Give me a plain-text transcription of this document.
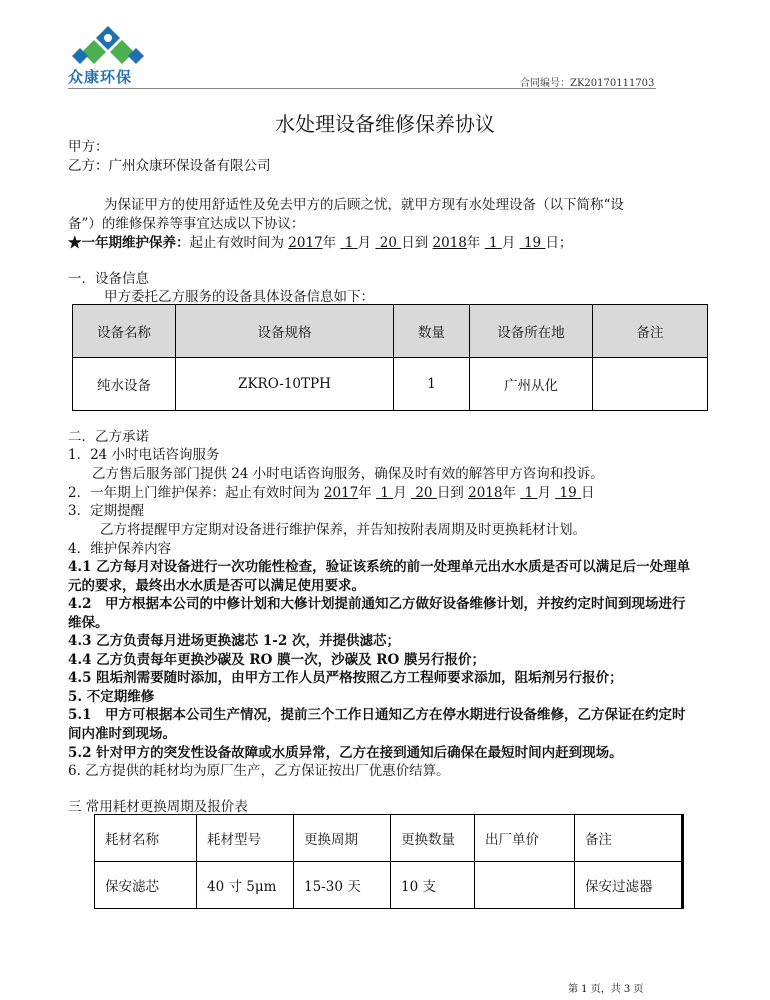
众康环保	合同编号：ZK20170111703
水处理设备维修保养协议
甲方：
乙方：广州众康环保设备有限公司
为保证甲方的使用舒适性及免去甲方的后顾之忧，就甲方现有水处理设备（以下简称“设
备”）的维修保养等事宜达成以下协议：
★一年期维护保养：起止有效时间为 2017年 1 月 20 日到 2018年 1 月 19 日；
一．设备信息
甲方委托乙方服务的设备具体设备信息如下：
设备名称	设备规格	数量	设备所在地	备注
纯水设备	ZKRO-10TPH	1	广州从化	
二．乙方承诺
1．24 小时电话咨询服务
乙方售后服务部门提供 24 小时电话咨询服务，确保及时有效的解答甲方咨询和投诉。
2．一年期上门维护保养：起止有效时间为 2017年 1 月 20 日到 2018年 1 月 19 日
3．定期提醒
乙方将提醒甲方定期对设备进行维护保养，并告知按附表周期及时更换耗材计划。
4．维护保养内容
4.1 乙方每月对设备进行一次功能性检查，验证该系统的前一处理单元出水水质是否可以满足后一处理单元的要求，最终出水水质是否可以满足使用要求。
4.2　甲方根据本公司的中修计划和大修计划提前通知乙方做好设备维修计划，并按约定时间到现场进行维保。
4.3 乙方负责每月进场更换滤芯 1-2 次，并提供滤芯；
4.4 乙方负责每年更换沙碳及 RO 膜一次，沙碳及 RO 膜另行报价；
4.5 阻垢剂需要随时添加，由甲方工作人员严格按照乙方工程师要求添加，阻垢剂另行报价；
5. 不定期维修
5.1　甲方可根据本公司生产情况，提前三个工作日通知乙方在停水期进行设备维修，乙方保证在约定时间内准时到现场。
5.2 针对甲方的突发性设备故障或水质异常，乙方在接到通知后确保在最短时间内赶到现场。
6. 乙方提供的耗材均为原厂生产，乙方保证按出厂优惠价结算。
三 常用耗材更换周期及报价表
耗材名称	耗材型号	更换周期	更换数量	出厂单价	备注
保安滤芯	40 寸 5μm	15-30 天	10 支		保安过滤器
第 1 页，共 3 页
